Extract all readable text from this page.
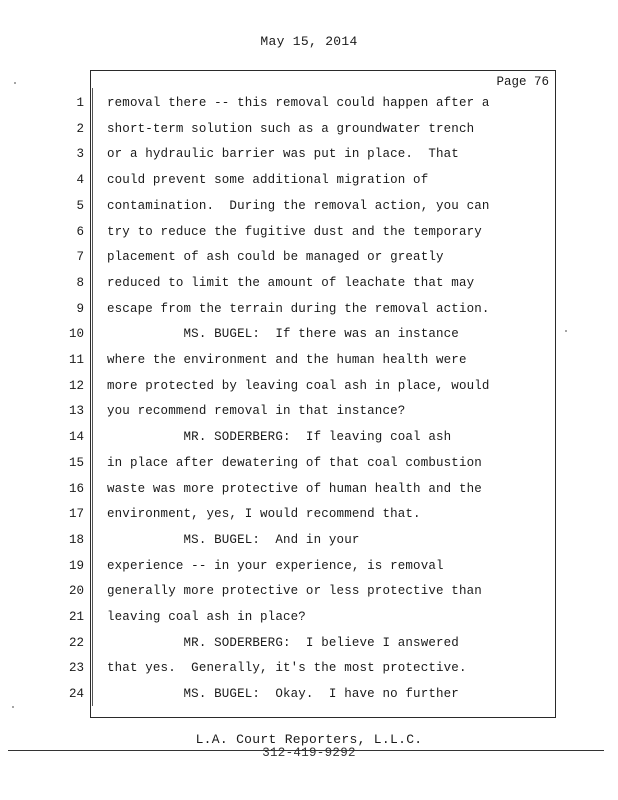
May 15, 2014
Page 76
1 removal there -- this removal could happen after a
2 short-term solution such as a groundwater trench
3 or a hydraulic barrier was put in place.  That
4 could prevent some additional migration of
5 contamination.  During the removal action, you can
6 try to reduce the fugitive dust and the temporary
7 placement of ash could be managed or greatly
8 reduced to limit the amount of leachate that may
9 escape from the terrain during the removal action.
10 MS. BUGEL:  If there was an instance
11 where the environment and the human health were
12 more protected by leaving coal ash in place, would
13 you recommend removal in that instance?
14 MR. SODERBERG:  If leaving coal ash
15 in place after dewatering of that coal combustion
16 waste was more protective of human health and the
17 environment, yes, I would recommend that.
18 MS. BUGEL:  And in your
19 experience -- in your experience, is removal
20 generally more protective or less protective than
21 leaving coal ash in place?
22 MR. SODERBERG:  I believe I answered
23 that yes.  Generally, it's the most protective.
24 MS. BUGEL:  Okay.  I have no further
L.A. Court Reporters, L.L.C.
312-419-9292
